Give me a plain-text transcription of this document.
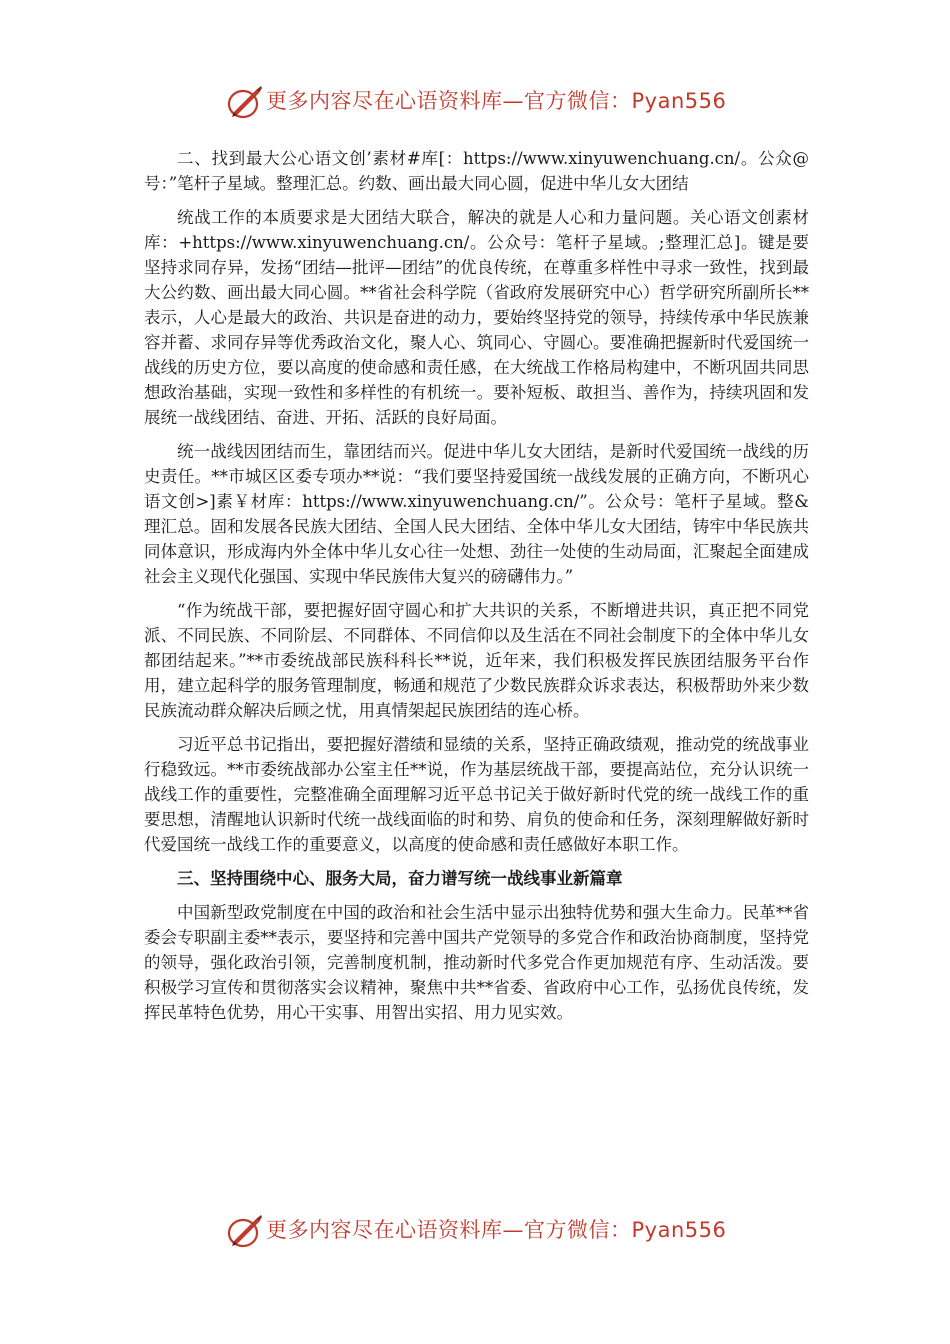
更多内容尽在心语资料库—官方微信：Pyan556

二、找到最大公心语文创’素材#库[：https://www.xinyuwenchuang.cn/。公众@号：”笔杆子星域。整理汇总。约数、画出最大同心圆，促进中华儿女大团结

统战工作的本质要求是大团结大联合，解决的就是人心和力量问题。关心语文创素材库：+https://www.xinyuwenchuang.cn/。公众号：笔杆子星域。;整理汇总]。键是要坚持求同存异，发扬“团结—批评—团结”的优良传统，在尊重多样性中寻求一致性，找到最大公约数、画出最大同心圆。**省社会科学院（省政府发展研究中心）哲学研究所副所长**表示，人心是最大的政治、共识是奋进的动力，要始终坚持党的领导，持续传承中华民族兼容并蓄、求同存异等优秀政治文化，聚人心、筑同心、守圆心。要准确把握新时代爱国统一战线的历史方位，要以高度的使命感和责任感，在大统战工作格局构建中，不断巩固共同思想政治基础，实现一致性和多样性的有机统一。要补短板、敢担当、善作为，持续巩固和发展统一战线团结、奋进、开拓、活跃的良好局面。

统一战线因团结而生，靠团结而兴。促进中华儿女大团结，是新时代爱国统一战线的历史责任。**市城区区委专项办**说：“我们要坚持爱国统一战线发展的正确方向，不断巩心语文创>]素￥材库：https://www.xinyuwenchuang.cn/”。公众号：笔杆子星域。整&理汇总。固和发展各民族大团结、全国人民大团结、全体中华儿女大团结，铸牢中华民族共同体意识，形成海内外全体中华儿女心往一处想、劲往一处使的生动局面，汇聚起全面建成社会主义现代化强国、实现中华民族伟大复兴的磅礴伟力。”

“作为统战干部，要把握好固守圆心和扩大共识的关系，不断增进共识，真正把不同党派、不同民族、不同阶层、不同群体、不同信仰以及生活在不同社会制度下的全体中华儿女都团结起来。”**市委统战部民族科科长**说，近年来，我们积极发挥民族团结服务平台作用，建立起科学的服务管理制度，畅通和规范了少数民族群众诉求表达，积极帮助外来少数民族流动群众解决后顾之忧，用真情架起民族团结的连心桥。

习近平总书记指出，要把握好潜绩和显绩的关系，坚持正确政绩观，推动党的统战事业行稳致远。**市委统战部办公室主任**说，作为基层统战干部，要提高站位，充分认识统一战线工作的重要性，完整准确全面理解习近平总书记关于做好新时代党的统一战线工作的重要思想，清醒地认识新时代统一战线面临的时和势、肩负的使命和任务，深刻理解做好新时代爱国统一战线工作的重要意义，以高度的使命感和责任感做好本职工作。

三、坚持围绕中心、服务大局，奋力谱写统一战线事业新篇章

中国新型政党制度在中国的政治和社会生活中显示出独特优势和强大生命力。民革**省委会专职副主委**表示，要坚持和完善中国共产党领导的多党合作和政治协商制度，坚持党的领导，强化政治引领，完善制度机制，推动新时代多党合作更加规范有序、生动活泼。要积极学习宣传和贯彻落实会议精神，聚焦中共**省委、省政府中心工作，弘扬优良传统，发挥民革特色优势，用心干实事、用智出实招、用力见实效。

更多内容尽在心语资料库—官方微信：Pyan556
